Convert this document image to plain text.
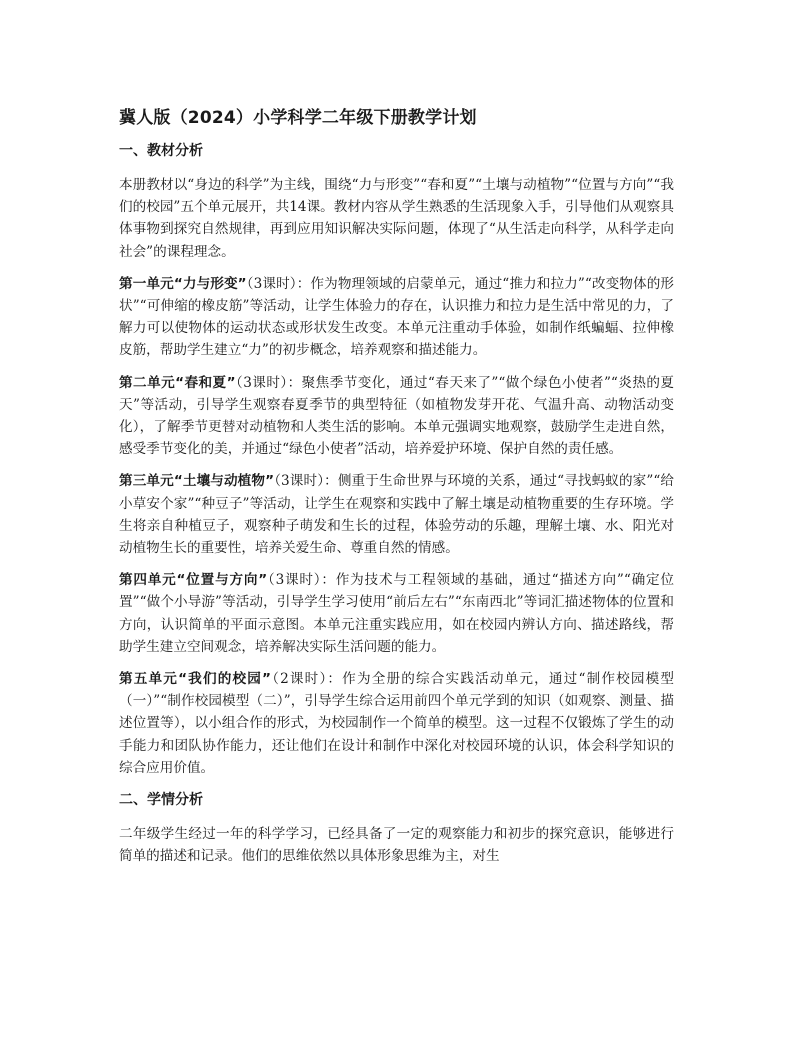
冀人版（2024）小学科学二年级下册教学计划
一、教材分析

本册教材以“身边的科学”为主线，围绕“力与形变”“春和夏”“土壤与动植物”“位置与方向”“我们的校园”五个单元展开，共14课。教材内容从学生熟悉的生活现象入手，引导他们从观察具体事物到探究自然规律，再到应用知识解决实际问题，体现了“从生活走向科学，从科学走向社会”的课程理念。

第一单元“力与形变”（3课时）：作为物理领域的启蒙单元，通过“推力和拉力”“改变物体的形状”“可伸缩的橡皮筋”等活动，让学生体验力的存在，认识推力和拉力是生活中常见的力，了解力可以使物体的运动状态或形状发生改变。本单元注重动手体验，如制作纸蝙蝠、拉伸橡皮筋，帮助学生建立“力”的初步概念，培养观察和描述能力。

第二单元“春和夏”（3课时）：聚焦季节变化，通过“春天来了”“做个绿色小使者”“炎热的夏天”等活动，引导学生观察春夏季节的典型特征（如植物发芽开花、气温升高、动物活动变化），了解季节更替对动植物和人类生活的影响。本单元强调实地观察，鼓励学生走进自然，感受季节变化的美，并通过“绿色小使者”活动，培养爱护环境、保护自然的责任感。

第三单元“土壤与动植物”（3课时）：侧重于生命世界与环境的关系，通过“寻找蚂蚁的家”“给小草安个家”“种豆子”等活动，让学生在观察和实践中了解土壤是动植物重要的生存环境。学生将亲自种植豆子，观察种子萌发和生长的过程，体验劳动的乐趣，理解土壤、水、阳光对动植物生长的重要性，培养关爱生命、尊重自然的情感。

第四单元“位置与方向”（3课时）：作为技术与工程领域的基础，通过“描述方向”“确定位置”“做个小导游”等活动，引导学生学习使用“前后左右”“东南西北”等词汇描述物体的位置和方向，认识简单的平面示意图。本单元注重实践应用，如在校园内辨认方向、描述路线，帮助学生建立空间观念，培养解决实际生活问题的能力。

第五单元“我们的校园”（2课时）：作为全册的综合实践活动单元，通过“制作校园模型（一）”“制作校园模型（二）”，引导学生综合运用前四个单元学到的知识（如观察、测量、描述位置等），以小组合作的形式，为校园制作一个简单的模型。这一过程不仅锻炼了学生的动手能力和团队协作能力，还让他们在设计和制作中深化对校园环境的认识，体会科学知识的综合应用价值。

二、学情分析

二年级学生经过一年的科学学习，已经具备了一定的观察能力和初步的探究意识，能够进行简单的描述和记录。他们的思维依然以具体形象思维为主，对生
